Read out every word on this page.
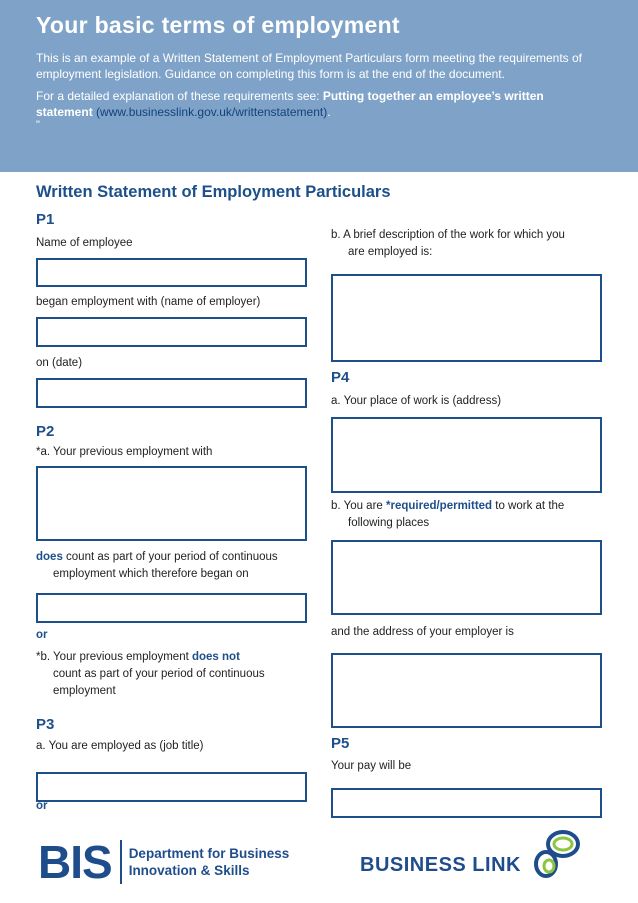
Your basic terms of employment

This is an example of a Written Statement of Employment Particulars form meeting the requirements of employment legislation. Guidance on completing this form is at the end of the document.

For a detailed explanation of these requirements see: Putting together an employee’s written statement (www.businesslink.gov.uk/writtenstatement).

"
Written Statement of Employment Particulars
P1
Name of employee
began employment with (name of employer)
on (date)
P2
*a. Your previous employment with
does count as part of your period of continuous
employment which therefore began on
or
*b. Your previous employment does not
count as part of your period of continuous
employment
P3
a. You are employed as (job title)
or
b. A brief description of the work for which you
are employed is:
P4
a. Your place of work is (address)
b. You are *required/permitted to work at the
following places
and the address of your employer is
P5
Your pay will be
BIS Department for Business
Innovation & Skills	BUSINESS LINK
